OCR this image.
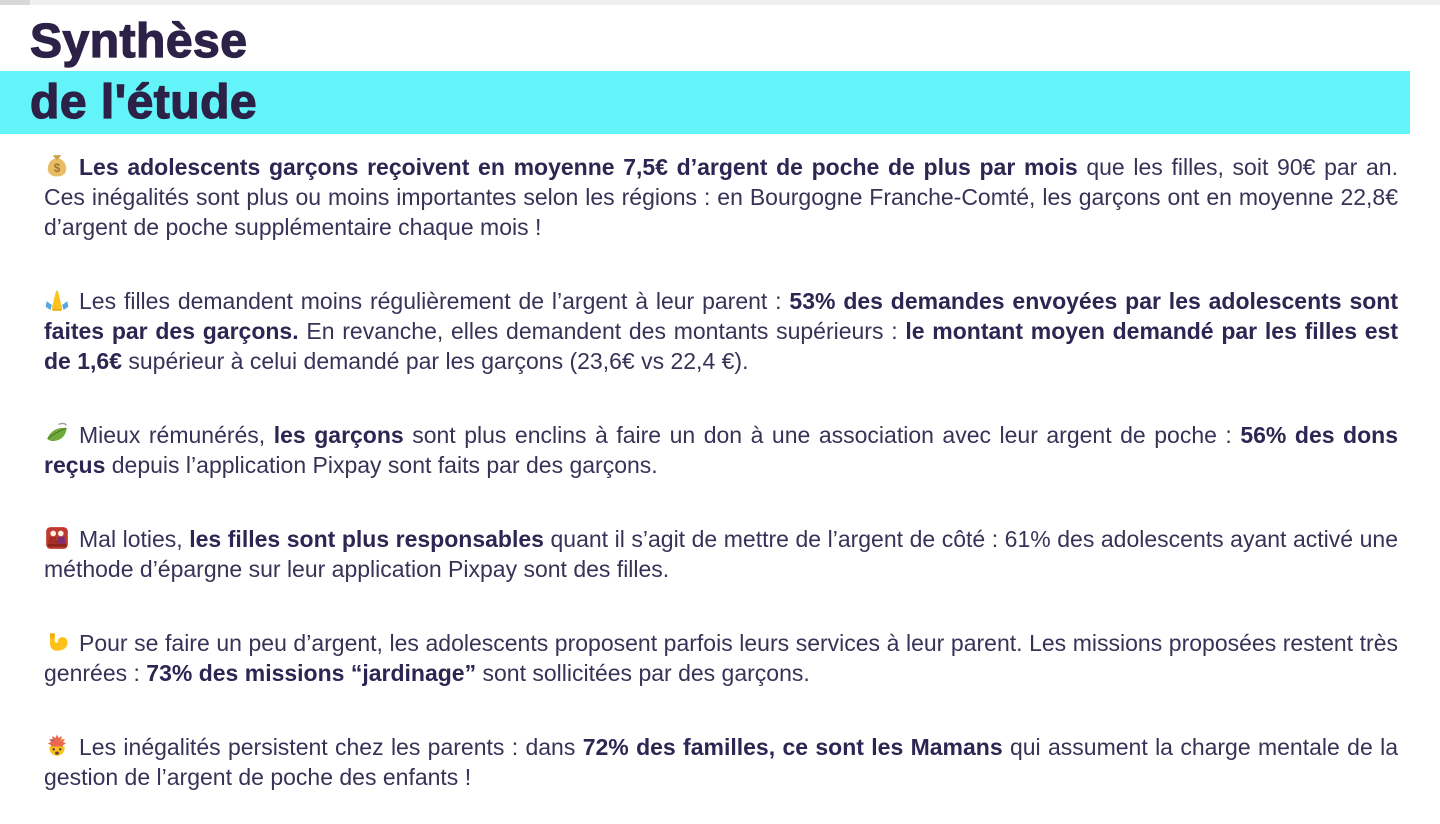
Synthèse
de l'étude

$ Les adolescents garçons reçoivent en moyenne 7,5€ d’argent de poche de plus par mois que les filles, soit 90€ par an. Ces inégalités sont plus ou moins importantes selon les régions : en Bourgogne Franche-Comté, les garçons ont en moyenne 22,8€ d’argent de poche supplémentaire chaque mois !

Les filles demandent moins régulièrement de l’argent à leur parent : 53% des demandes envoyées par les adolescents sont faites par des garçons. En revanche, elles demandent des montants supérieurs : le montant moyen demandé par les filles est de 1,6€ supérieur à celui demandé par les garçons (23,6€ vs 22,4 €).

Mieux rémunérés, les garçons sont plus enclins à faire un don à une association avec leur argent de poche : 56% des dons reçus depuis l’application Pixpay sont faits par des garçons.

Mal loties, les filles sont plus responsables quant il s’agit de mettre de l’argent de côté : 61% des adolescents ayant activé une méthode d’épargne sur leur application Pixpay sont des filles.

Pour se faire un peu d’argent, les adolescents proposent parfois leurs services à leur parent. Les missions proposées restent très genrées : 73% des missions “jardinage” sont sollicitées par des garçons.

Les inégalités persistent chez les parents : dans 72% des familles, ce sont les Mamans qui assument la charge mentale de la gestion de l’argent de poche des enfants !
